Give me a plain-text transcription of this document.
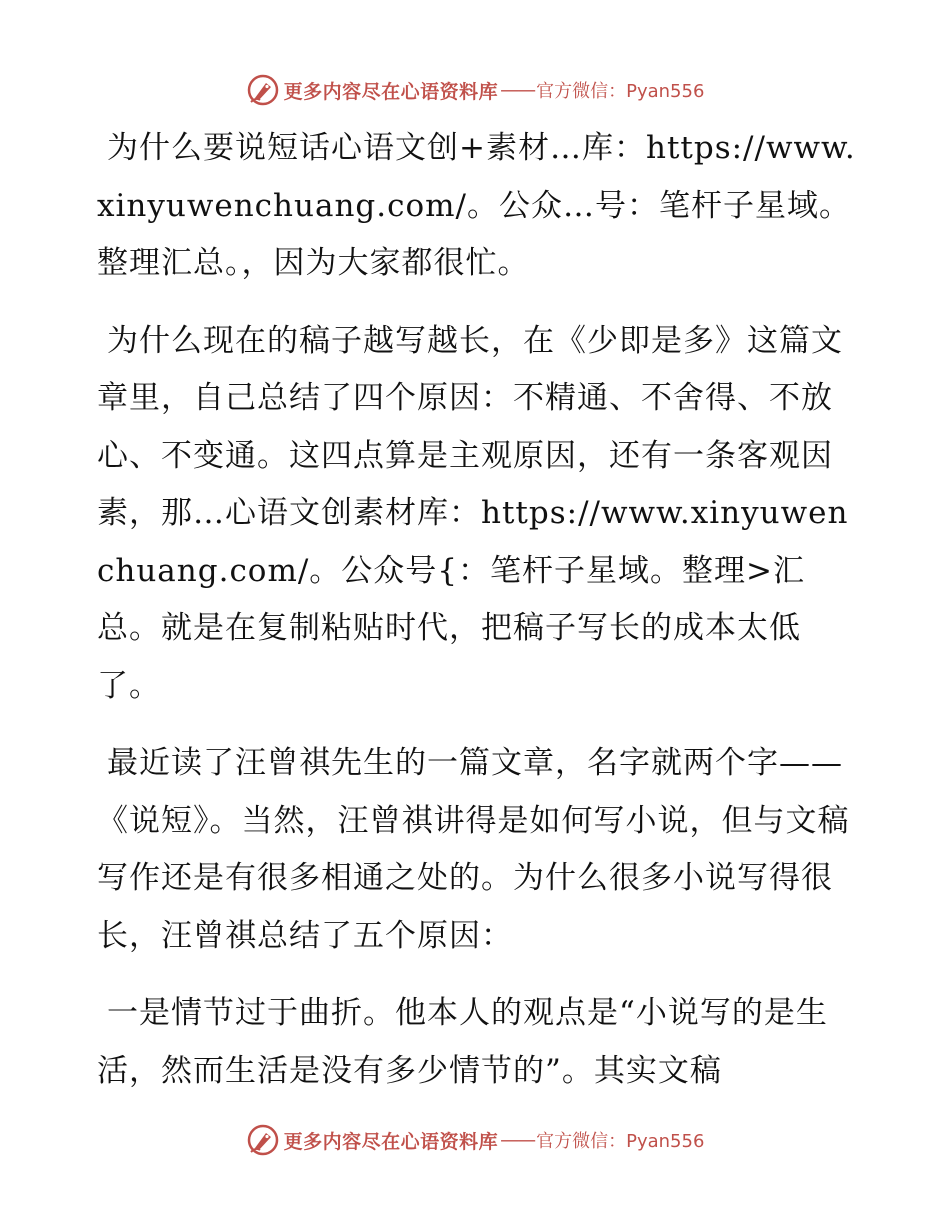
更多内容尽在心语资料库 —— 官方微信：Pyan556

为什么要说短话心语文创+素材…库：https://www.xinyuwenchuang.com/。公众…号：笔杆子星域。整理汇总。，因为大家都很忙。

为什么现在的稿子越写越长，在《少即是多》这篇文章里，自己总结了四个原因：不精通、不舍得、不放心、不变通。这四点算是主观原因，还有一条客观因素，那…心语文创素材库：https://www.xinyuwenchuang.com/。公众号{：笔杆子星域。整理>汇总。就是在复制粘贴时代，把稿子写长的成本太低了。

最近读了汪曾祺先生的一篇文章，名字就两个字——《说短》。当然，汪曾祺讲得是如何写小说，但与文稿写作还是有很多相通之处的。为什么很多小说写得很长，汪曾祺总结了五个原因：

一是情节过于曲折。他本人的观点是“小说写的是生活，然而生活是没有多少情节的”。其实文稿

更多内容尽在心语资料库 —— 官方微信：Pyan556
